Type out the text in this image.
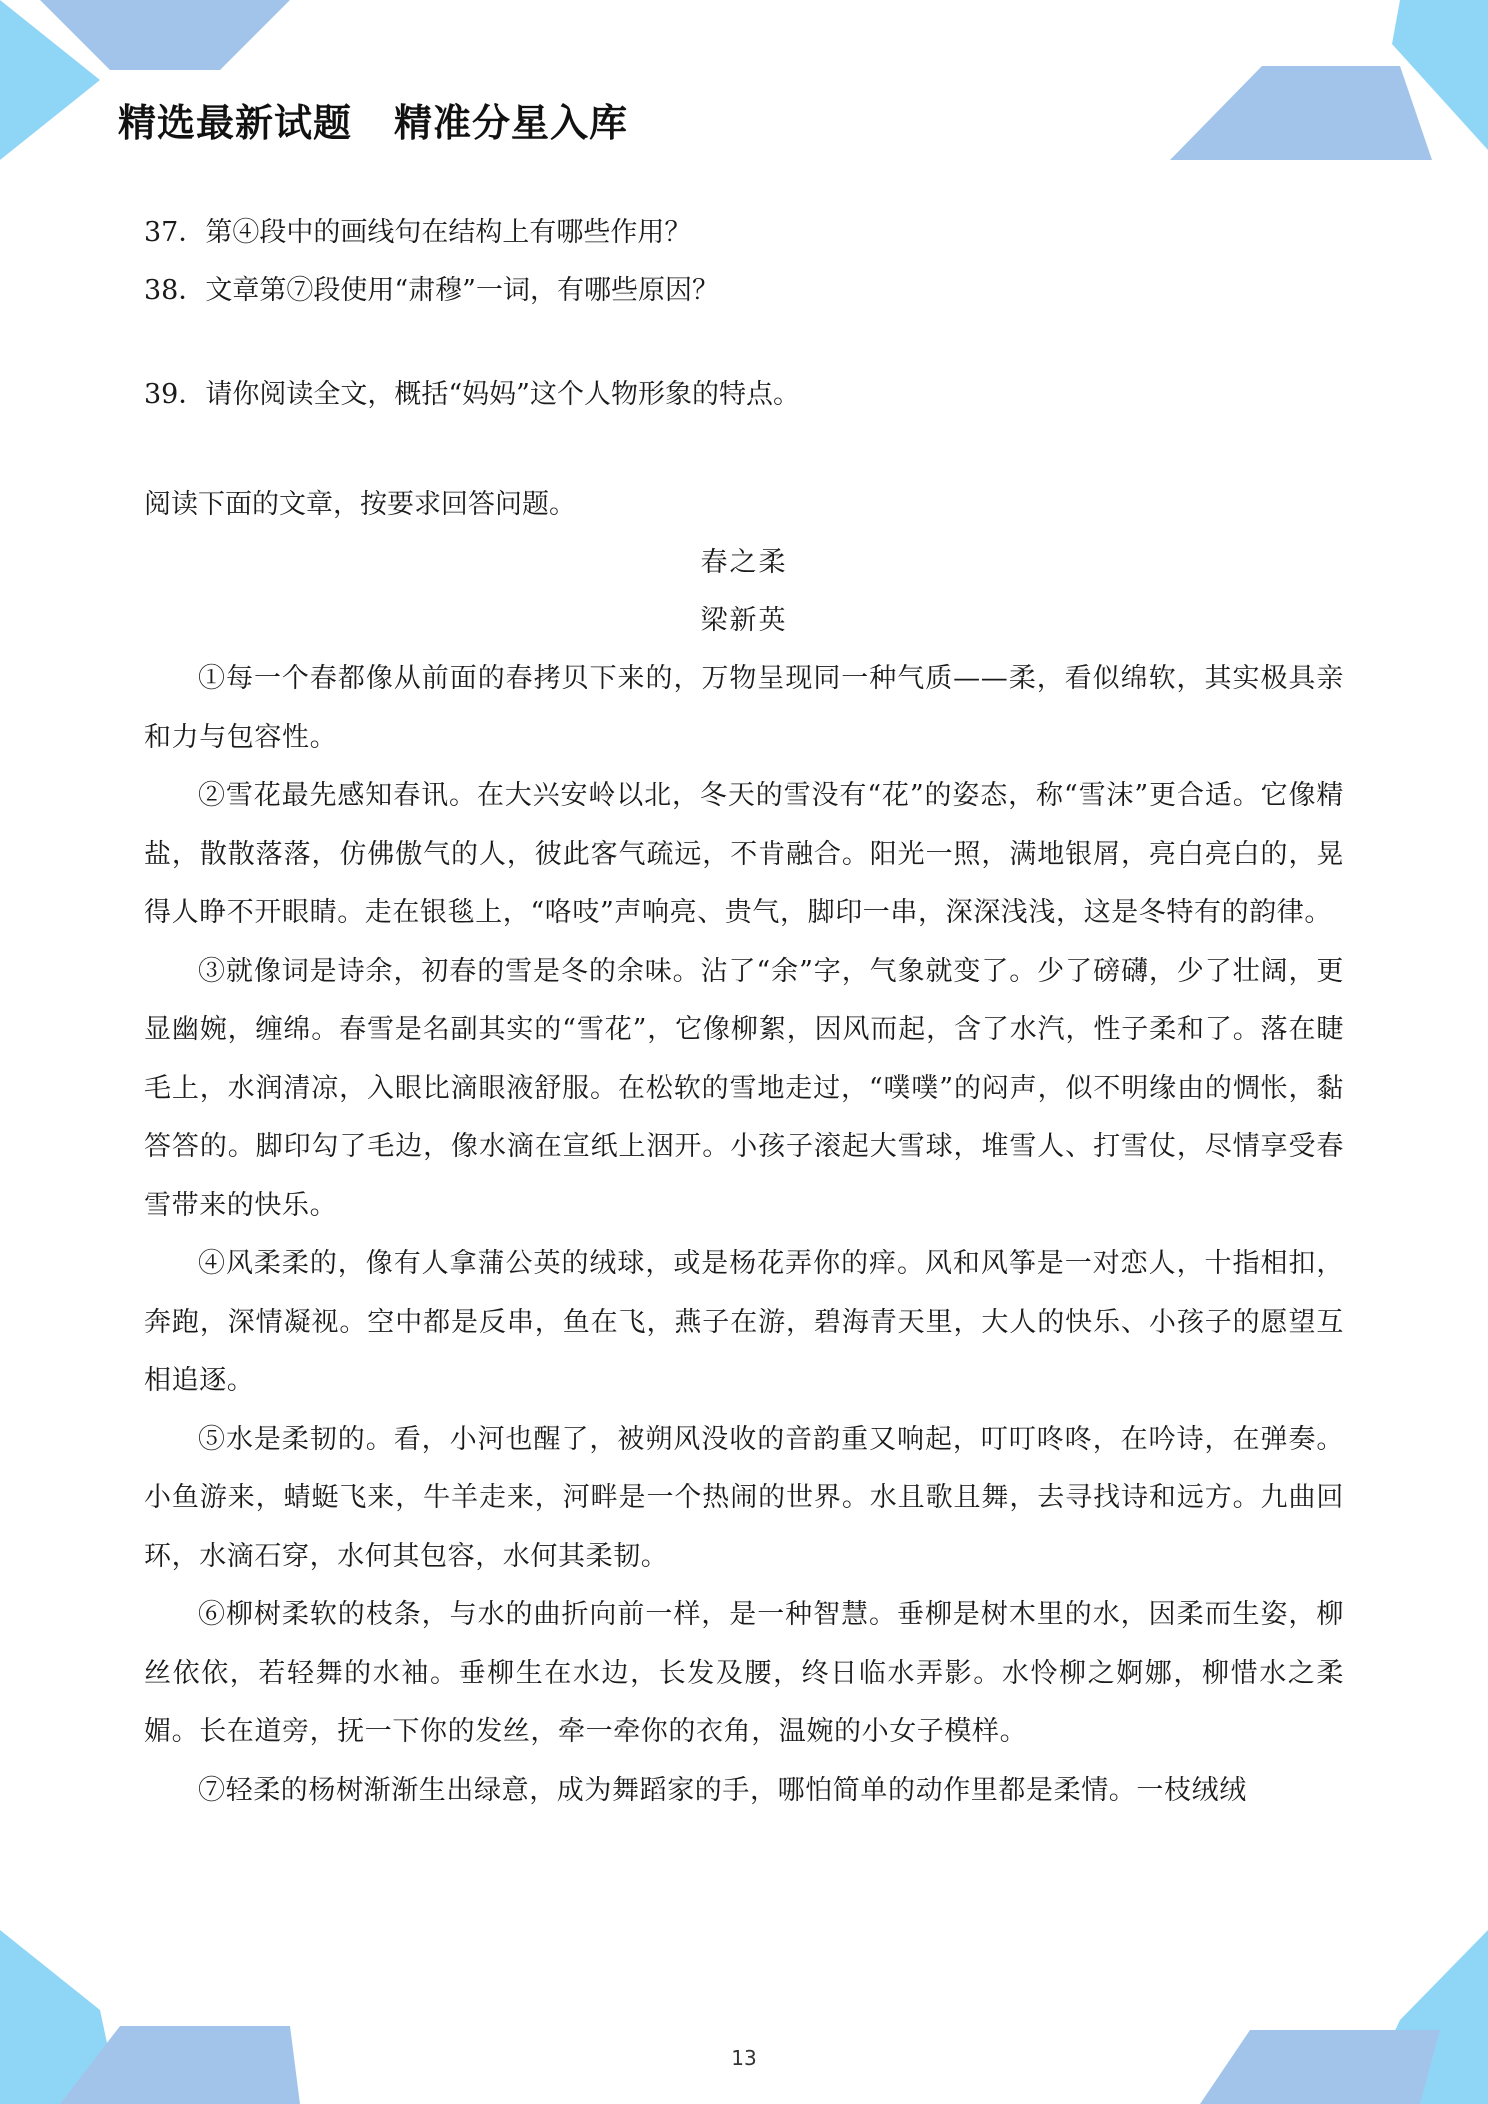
精选最新试题 精准分星入库
37．第④段中的画线句在结构上有哪些作用？
38．文章第⑦段使用“肃穆”一词，有哪些原因？
39．请你阅读全文，概括“妈妈”这个人物形象的特点。
阅读下面的文章，按要求回答问题。
春之柔
梁新英

①每一个春都像从前面的春拷贝下来的，万物呈现同一种气质——柔，看似绵软，其实极具亲和力与包容性。

②雪花最先感知春讯。在大兴安岭以北，冬天的雪没有“花”的姿态，称“雪沫”更合适。它像精盐，散散落落，仿佛傲气的人，彼此客气疏远，不肯融合。阳光一照，满地银屑，亮白亮白的，晃得人睁不开眼睛。走在银毯上，“咯吱”声响亮、贵气，脚印一串，深深浅浅，这是冬特有的韵律。

③就像词是诗余，初春的雪是冬的余味。沾了“余”字，气象就变了。少了磅礴，少了壮阔，更显幽婉，缠绵。春雪是名副其实的“雪花”，它像柳絮，因风而起，含了水汽，性子柔和了。落在睫毛上，水润清凉，入眼比滴眼液舒服。在松软的雪地走过，“噗噗”的闷声，似不明缘由的惆怅，黏答答的。脚印勾了毛边，像水滴在宣纸上洇开。小孩子滚起大雪球，堆雪人、打雪仗，尽情享受春雪带来的快乐。

④风柔柔的，像有人拿蒲公英的绒球，或是杨花弄你的痒。风和风筝是一对恋人，十指相扣，奔跑，深情凝视。空中都是反串，鱼在飞，燕子在游，碧海青天里，大人的快乐、小孩子的愿望互相追逐。

⑤水是柔韧的。看，小河也醒了，被朔风没收的音韵重又响起，叮叮咚咚，在吟诗，在弹奏。小鱼游来，蜻蜓飞来，牛羊走来，河畔是一个热闹的世界。水且歌且舞，去寻找诗和远方。九曲回环，水滴石穿，水何其包容，水何其柔韧。

⑥柳树柔软的枝条，与水的曲折向前一样，是一种智慧。垂柳是树木里的水，因柔而生姿，柳丝依依，若轻舞的水袖。垂柳生在水边，长发及腰，终日临水弄影。水怜柳之婀娜，柳惜水之柔媚。长在道旁，抚一下你的发丝，牵一牵你的衣角，温婉的小女子模样。

⑦轻柔的杨树渐渐生出绿意，成为舞蹈家的手，哪怕简单的动作里都是柔情。一枝绒绒

13
